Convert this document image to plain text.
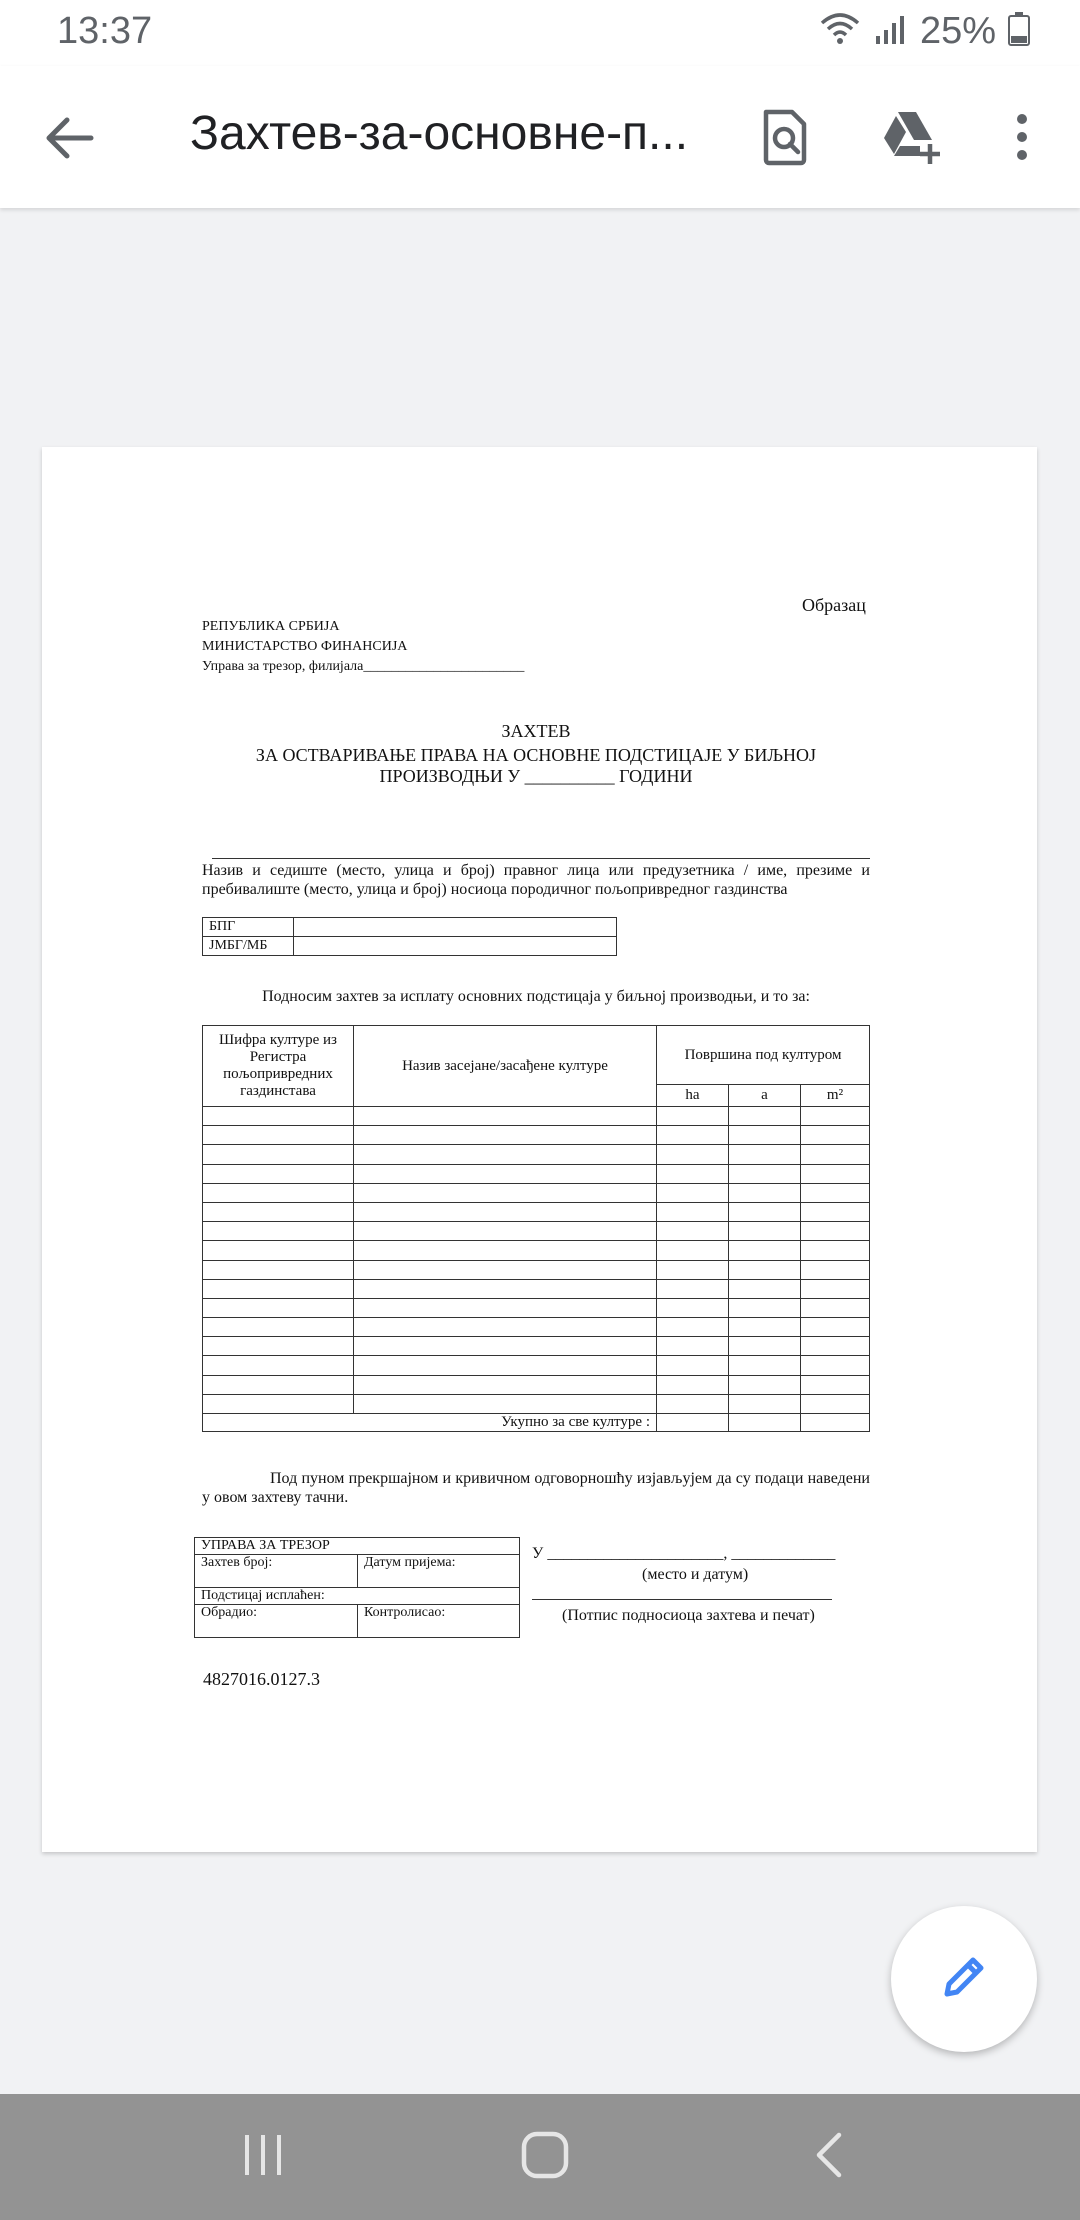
13:37	25%
Захтев-за-основне-п...
Образац
РЕПУБЛИКА СРБИЈА
МИНИСТАРСТВО ФИНАНСИЈА
Управа за трезор, филијала_______________________
ЗАХТЕВ
ЗА ОСТВАРИВАЊЕ ПРАВА НА ОСНОВНЕ ПОДСТИЦАЈЕ У БИЉНОЈ
ПРОИЗВОДЊИ У __________ ГОДИНИ
Назив и седиште (место, улица и број) правног лица или предузетника / име, презиме и пребивалиште (место, улица и број) носиоца породичног пољопривредног газдинства
БПГ	
ЈМБГ/МБ	
Подносим захтев за исплату основних подстицаја у биљној производњи, и то за:
Шифра културе из Регистра пољопривредних газдинстава	Назив засејане/засађене културе	Површина под културом		
		ha	a	m²

Укупно за све културе :				
Под пуном прекршајном и кривичном одговорношћу изјављујем да су подаци наведени у овом захтеву тачни.
УПРАВА ЗА ТРЕЗОР	
Захтев број:	Датум пријема:
Подстицај исплаћен:	
Обрадио:	Контролисао:
У ______________________, _____________
(место и датум)
(Потпис подносиоца захтева и печат)
4827016.0127.3
